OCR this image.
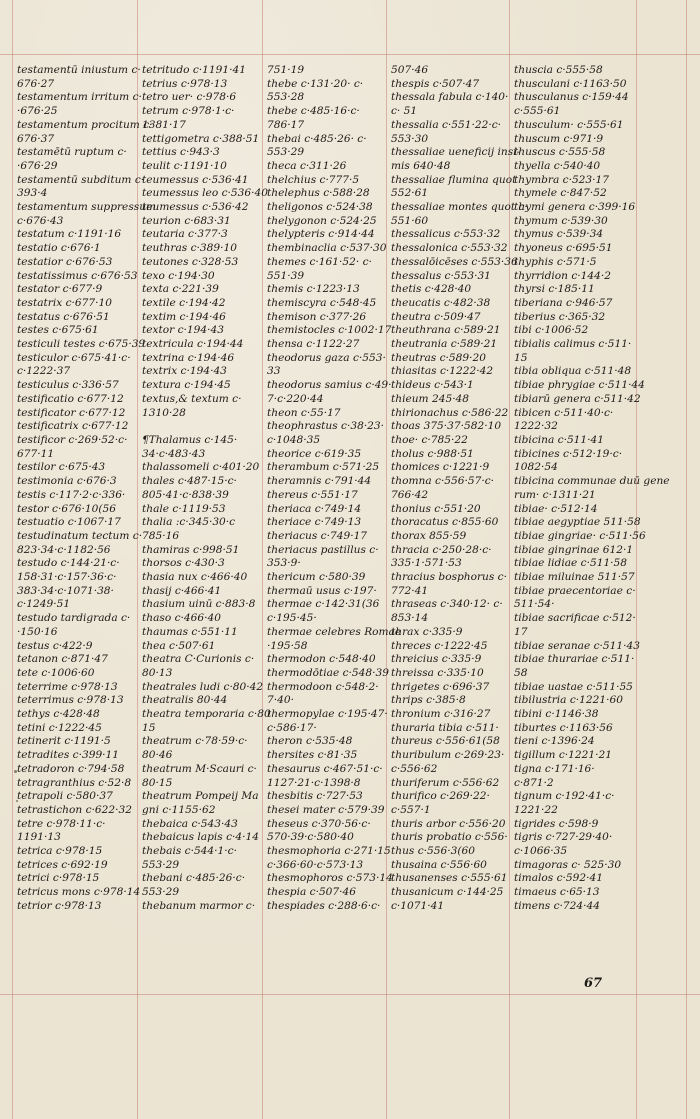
testamentū iniustum c·
676·27
testamentum irritum c·
·676·25
testamentum procitum c·
676·37
testamētū ruptum c·
·676·29
testamentū subditum c·
393·4
testamentum suppressum
c·676·43
testatum c·1191·16
testatio c·676·1
testatior c·676·53
testatissimus c·676·53
testator c·677·9
testatrix c·677·10
testatus c·676·51
testes c·675·61
testiculi testes c·675·39
testiculor c·675·41·c·
c·1222·37
testiculus c·336·57
testificatio c·677·12
testificator c·677·12
testificatrix c·677·12
testificor c·269·52·c·
677·11
testilor c·675·43
testimonia c·676·3
testis c·117·2·c·336·
testor c·676·10(56
testuatio c·1067·17
testudinatum tectum c·
823·34·c·1182·56
testudo c·144·21·c·
158·31·c·157·36·c·
383·34·c·1071·38·
c·1249·51
testudo tardigrada c·
·150·16
testus c·422·9
tetanon c·871·47
tete c·1006·60
teterrime c·978·13
teterrimus c·978·13
tethys c·428·48
tetini c·1222·45
tetinerit c·1191·5
tetradites c·399·11
tetradoron c·794·58
tetragranthius c·52·8
tetrapoli c·580·37
tetrastichon c·622·32
tetre c·978·11·c·
1191·13
tetrica c·978·15
tetrices c·692·19
tetrici c·978·15
tetricus mons c·978·14
tetrior c·978·13
tetritudo c·1191·41
tetrius c·978·13
tetro uer· c·978·6
tetrum c·978·1·c·
1381·17
tettigometra c·388·51
tettius c·943·3
teulit c·1191·10
teumessus c·536·41
teumessus leo c·536·40
teumessus c·536·42
teurion c·683·31
teutaria c·377·3
teuthras c·389·10
teutones c·328·53
texo c·194·30
texta c·221·39
textile c·194·42
textim c·194·46
textor c·194·43
textricula c·194·44
textrina c·194·46
textrix c·194·43
textura c·194·45
textus,& textum c·
1310·28

¶Thalamus c·145·
34·c·483·43
thalassomeli c·401·20
thales c·487·15·c·
805·41·c·838·39
thale c·1119·53
thalia :c·345·30·c
785·16
thamiras c·998·51
thorsos c·430·3
thasia nux c·466·40
thasij c·466·41
thasium uinū c·883·8
thaso c·466·40
thaumas c·551·11
thea c·507·61
theatra C·Curionis c·
80·13
theatrales ludi c·80·42
theatralis 80·44
theatra temporaria c·80
15
theatrum c·78·59·c·
80·46
theatrum M·Scauri c·
80·15
theatrum Pompeij Ma
gni c·1155·62
thebaica c·543·43
thebaicus lapis c·4·14
thebais c·544·1·c·
553·29
thebani c·485·26·c·
553·29
thebanum marmor c·
751·19
thebe c·131·20· c·
553·28
thebe c·485·16·c·
786·17
thebai c·485·26· c·
553·29
theca c·311·26
thelchius c·777·5
thelephus c·588·28
theligonos c·524·38
thelygonon c·524·25
thelypteris c·914·44
thembinaclia c·537·30
themes c·161·52· c·
551·39
themis c·1223·13
themiscyra c·548·45
themison c·377·26
themistocles c·1002·17
thensa c·1122·27
theodorus gaza c·553·
33
theodorus samius c·49·
7·c·220·44
theon c·55·17
theophrastus c·38·23·
c·1048·35
theorice c·619·35
therambum c·571·25
theramnis c·791·44
thereus c·551·17
theriaca c·749·14
theriace c·749·13
theriacus c·749·17
theriacus pastillus c·
353·9·
thericum c·580·39
thermaū usus c·197·
thermae c·142·31(36
c·195·45·
thermae celebres Romae
·195·58
thermodon c·548·40
thermodōtiae c·548·39
thermodoon c·548·2·
7·40·
thermopylae c·195·47·
c·586·17·
theron c·535·48
thersites c·81·35
thesaurus c·467·51·c·
1127·21·c·1398·8
thesbitis c·727·53
thesei mater c·579·39
theseus c·370·56·c·
570·39·c·580·40
thesmophoria c·271·15
c·366·60·c·573·13
thesmophoros c·573·14
thespia c·507·46
thespiades c·288·6·c·
507·46
thespis c·507·47
thessala fabula c·140·
c· 51
thessalia c·551·22·c·
553·30
thessaliae ueneficij insi-
mis 640·48
thessaliae flumina quot
552·61
thessaliae montes quot c·
551·60
thessalicus c·553·32
thessalonica c·553·32
thessalōicēses c·553·36
thessalus c·553·31
thetis c·428·40
theucatis c·482·38
theutra c·509·47
theuthrana c·589·21
theutrania c·589·21
theutras c·589·20
thiasitas c·1222·42
thideus c·543·1
thieum 245·48
thirionachus c·586·22
thoas 375·37·582·10
thoe· c·785·22
tholus c·988·51
thomices c·1221·9
thomna c·556·57·c·
766·42
thonius c·551·20
thoracatus c·855·60
thorax 855·59
thracia c·250·28·c·
335·1·571·53
thracius bosphorus c·
772·41
thraseas c·340·12· c·
853·14
thrax c·335·9
threces c·1222·45
threicius c·335·9
threissa c·335·10
thrigetes c·696·37
thrips c·385·8
thronium c·316·27
thuraria tibia c·511·
thureus c·556·61(58
thuribulum c·269·23·
c·556·62
thuriferum c·556·62
thurifico c·269·22·
c·557·1
thuris arbor c·556·20
thuris probatio c·556·
thus c·556·3(60
thusaina c·556·60
thusanenses c·555·61
thusanicum c·144·25
c·1071·41
thuscia c·555·58
thusculani c·1163·50
thusculanus c·159·44
c·555·61
thusculum· c·555·61
thuscum c·971·9
thuscus c·555·58
thyella c·540·40
thymbra c·523·17
thymele c·847·52
thymi genera c·399·16
thymum c·539·30
thymus c·539·34
thyoneus c·695·51
thyphis c·571·5
thyrridion c·144·2
thyrsi c·185·11
tiberiana c·946·57
tiberius c·365·32
tibi c·1006·52
tibialis calimus c·511·
15
tibia obliqua c·511·48
tibiae phrygiae c·511·44
tibiarū genera c·511·42
tibicen c·511·40·c·
1222·32
tibicina c·511·41
tibicines c·512·19·c·
1082·54
tibicina communae duū gene
rum· c·1311·21
tibiae· c·512·14
tibiae aegyptiae 511·58
tibiae gingriae· c·511·56
tibiae gingrinae 612·1
tibiae lidiae c·511·58
tibiae miluinae 511·57
tibiae praecentoriae c·
511·54·
tibiae sacrificae c·512·
17
tibiae seranae c·511·43
tibiae thurariae c·511·
58
tibiae uastae c·511·55
tibilustria c·1221·60
tibini c·1146·38
tiburtes c·1163·56
tieni c·1396·24
tigillum c·1221·21
tigna c·171·16·
c·871·2
tignum c·192·41·c·
1221·22
tigrides c·598·9
tigris c·727·29·40·
c·1066·35
timagoras c· 525·30
timalos c·592·41
timaeus c·65·13
timens c·724·44
67
